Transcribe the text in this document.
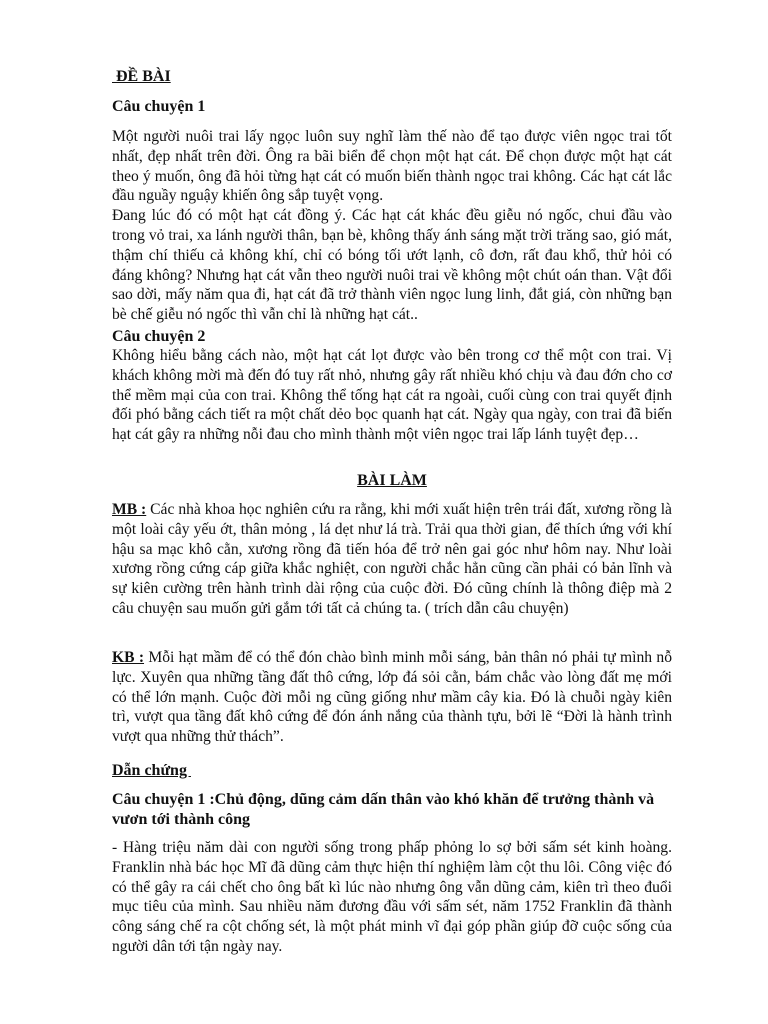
ĐỀ BÀI
Câu chuyện 1

Một người nuôi trai lấy ngọc luôn suy nghĩ làm thế nào để tạo được viên ngọc trai tốt nhất, đẹp nhất trên đời. Ông ra bãi biển để chọn một hạt cát. Để chọn được một hạt cát theo ý muốn, ông đã hỏi từng hạt cát có muốn biến thành ngọc trai không. Các hạt cát lắc đầu nguầy nguậy khiến ông sắp tuyệt vọng.

Đang lúc đó có một hạt cát đồng ý. Các hạt cát khác đều giễu nó ngốc, chui đầu vào trong vỏ trai, xa lánh người thân, bạn bè, không thấy ánh sáng mặt trời trăng sao, gió mát, thậm chí thiếu cả không khí, chỉ có bóng tối ướt lạnh, cô đơn, rất đau khổ, thử hỏi có đáng không? Nhưng hạt cát vẫn theo người nuôi trai về không một chút oán than. Vật đổi sao dời, mấy năm qua đi, hạt cát đã trở thành viên ngọc lung linh, đắt giá, còn những bạn bè chế giễu nó ngốc thì vẫn chỉ là những hạt cát..

Câu chuyện 2

Không hiểu bằng cách nào, một hạt cát lọt được vào bên trong cơ thể một con trai. Vị khách không mời mà đến đó tuy rất nhỏ, nhưng gây rất nhiều khó chịu và đau đớn cho cơ thể mềm mại của con trai. Không thể tống hạt cát ra ngoài, cuối cùng con trai quyết định đối phó bằng cách tiết ra một chất dẻo bọc quanh hạt cát. Ngày qua ngày, con trai đã biến hạt cát gây ra những nỗi đau cho mình thành một viên ngọc trai lấp lánh tuyệt đẹp…

BÀI LÀM

MB : Các nhà khoa học nghiên cứu ra rằng, khi mới xuất hiện trên trái đất, xương rồng là một loài cây yếu ớt, thân mỏng , lá dẹt như lá trà. Trải qua thời gian, để thích ứng với khí hậu sa mạc khô cằn, xương rồng đã tiến hóa để trở nên gai góc như hôm nay. Như loài xương rồng cứng cáp giữa khắc nghiệt, con người chắc hẳn cũng cần phải có bản lĩnh và sự kiên cường trên hành trình dài rộng của cuộc đời. Đó cũng chính là thông điệp mà 2 câu chuyện sau muốn gửi gắm tới tất cả chúng ta. ( trích dẫn câu chuyện)

KB : Mỗi hạt mầm để có thể đón chào bình minh mỗi sáng, bản thân nó phải tự mình nỗ lực. Xuyên qua những tầng đất thô cứng, lớp đá sỏi cằn, bám chắc vào lòng đất mẹ mới có thể lớn mạnh. Cuộc đời mỗi ng cũng giống như mầm cây kia. Đó là chuỗi ngày kiên trì, vượt qua tầng đất khô cứng để đón ánh nắng của thành tựu, bởi lẽ “Đời là hành trình vượt qua những thử thách”.

Dẫn chứng
Câu chuyện 1 :Chủ động, dũng cảm dấn thân vào khó khăn để trưởng thành và vươn tới thành công

- Hàng triệu năm dài con người sống trong phấp phỏng lo sợ bởi sấm sét kinh hoàng. Franklin nhà bác học Mĩ đã dũng cảm thực hiện thí nghiệm làm cột thu lôi. Công việc đó có thể gây ra cái chết cho ông bất kì lúc nào nhưng ông vẫn dũng cảm, kiên trì theo đuổi mục tiêu của mình. Sau nhiều năm đương đầu với sấm sét, năm 1752 Franklin đã thành công sáng chế ra cột chống sét, là một phát minh vĩ đại góp phần giúp đỡ cuộc sống của người dân tới tận ngày nay.
